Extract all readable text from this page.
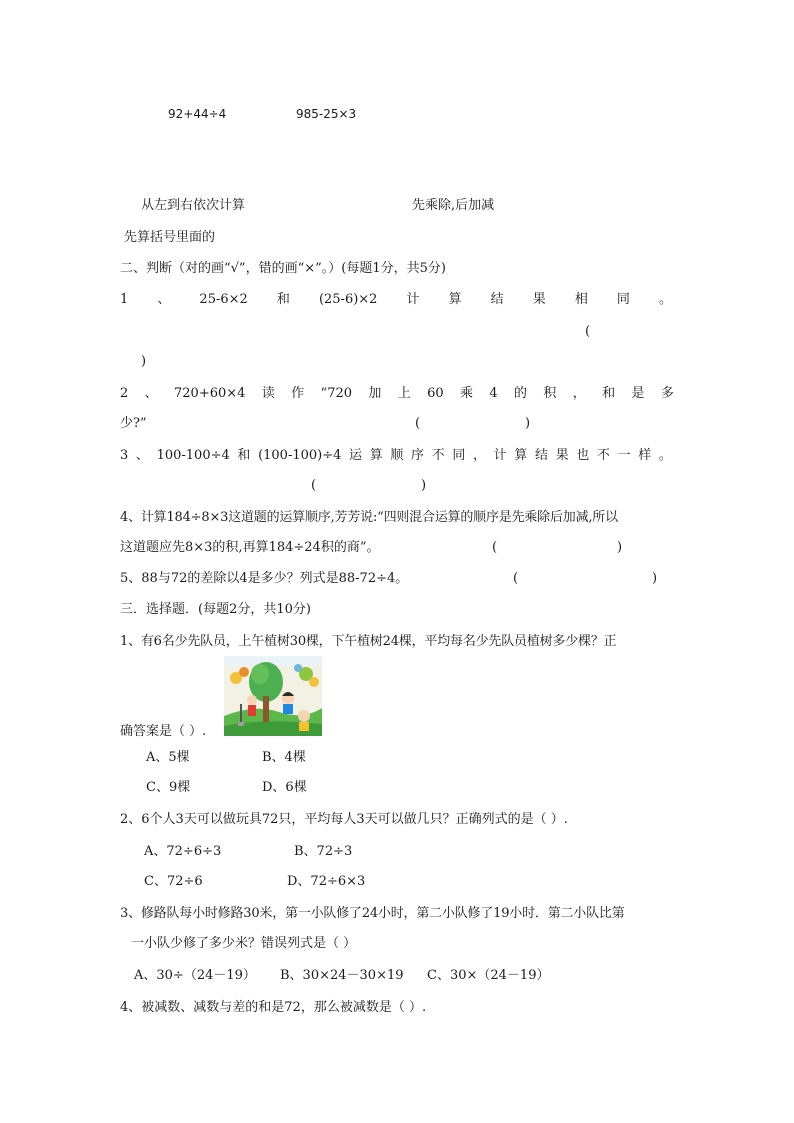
92+44÷4	985-25×3
从左到右依次计算	先乘除,后加减
先算括号里面的
二、判断（对的画“√”，错的画“×”。）(每题1分，共5分)
1 、 25-6×2 和 (25-6)×2 计 算 结 果 相 同 。
(
)
2 、 720+60×4 读 作 “720 加 上 60 乘 4 的 积 ， 和 是 多
少?”	(	)
3 、 100-100÷4 和 (100-100)÷4 运 算 顺 序 不 同 ， 计 算 结 果 也 不 一 样 。
(	)
4、计算184÷8×3这道题的运算顺序,芳芳说:“四则混合运算的顺序是先乘除后加减,所以
这道题应先8×3的积,再算184÷24积的商”。	(	)
5、88与72的差除以4是多少？列式是88-72÷4。	(	)
三．选择题．(每题2分，共10分)
1、有6名少先队员，上午植树30棵，下午植树24棵，平均每名少先队员植树多少棵？正
确答案是（ ）.
A、5棵	B、4棵
C、9棵	D、6棵
2、6个人3天可以做玩具72只，平均每人3天可以做几只？正确列式的是（ ）.
A、72÷6÷3	B、72÷3
C、72÷6	D、72÷6×3
3、修路队每小时修路30米，第一小队修了24小时，第二小队修了19小时．第二小队比第
一小队少修了多少米？错误列式是（ ）
A、30÷（24－19） B、30×24－30×19 C、30×（24－19）
4、被减数、减数与差的和是72，那么被减数是（ ）.
